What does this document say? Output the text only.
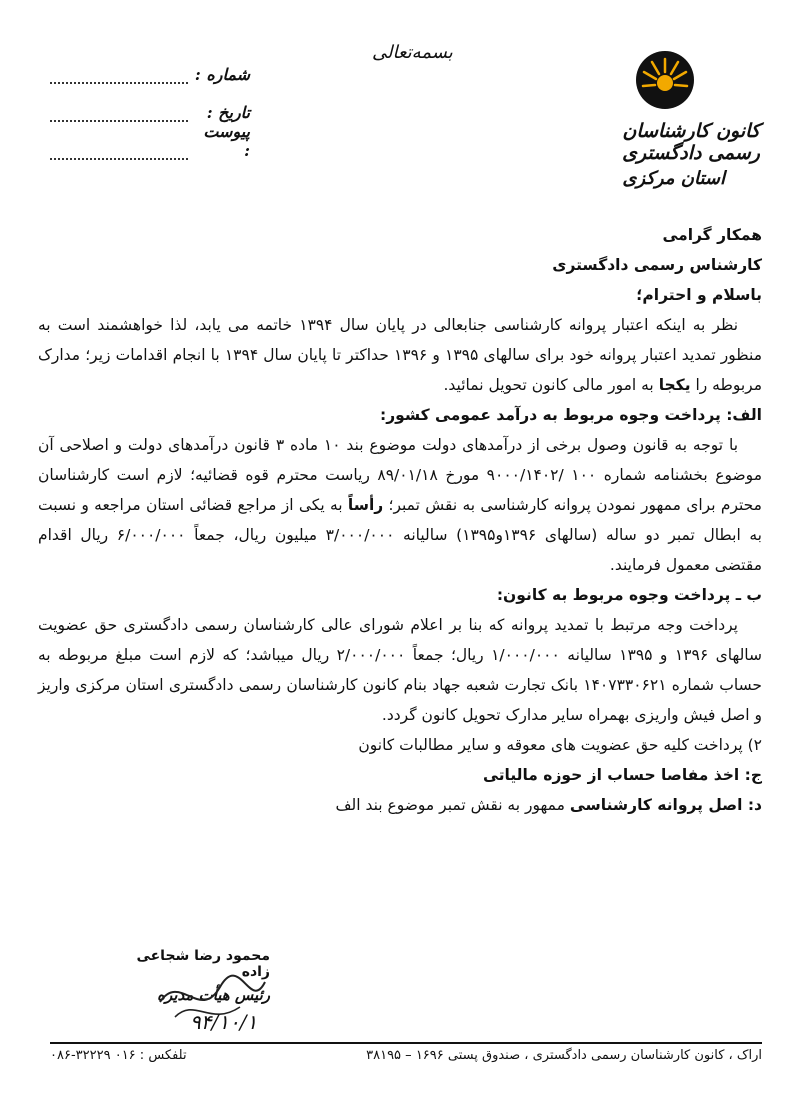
کانون کارشناسان رسمی دادگستری
استان مرکزی
بسمه‌تعالی
شماره :
تاریخ :
پیوست :

همکار گرامی

کارشناس رسمی دادگستری

باسلام و احترام؛

نظر به اینکه اعتبار پروانه کارشناسی جنابعالی در پایان سال ۱۳۹۴ خاتمه می یابد، لذا خواهشمند است به منظور تمدید اعتبار پروانه خود برای سالهای ۱۳۹۵ و ۱۳۹۶ حداکتر تا پایان سال ۱۳۹۴ با انجام اقدامات زیر؛ مدارک مربوطه را یکجا به امور مالی کانون تحویل نمائید.

الف: پرداخت وجوه مربوط به درآمد عمومی کشور:

با توجه به قانون وصول برخی از درآمدهای دولت موضوع بند ۱۰ ماده ۳ قانون درآمدهای دولت و اصلاحی آن موضوع بخشنامه شماره ۱۰۰ /۹۰۰۰/۱۴۰۲ مورخ ۸۹/۰۱/۱۸ ریاست محترم قوه قضائیه؛ لازم است کارشناسان محترم برای ممهور نمودن پروانه کارشناسی به نقش تمبر؛ رأساً به یکی از مراجع قضائی استان مراجعه و نسبت به ابطال تمبر دو ساله (سالهای ۱۳۹۶و۱۳۹۵) سالیانه ۳/۰۰۰/۰۰۰ میلیون ریال، جمعاً ۶/۰۰۰/۰۰۰ ریال اقدام مقتضی معمول فرمایند.

ب ـ پرداخت وجوه مربوط به کانون:

پرداخت وجه مرتبط با تمدید پروانه که بنا بر اعلام شورای عالی کارشناسان رسمی دادگستری حق عضویت سالهای ۱۳۹۶ و ۱۳۹۵ سالیانه ۱/۰۰۰/۰۰۰ ریال؛ جمعاً ۲/۰۰۰/۰۰۰ ریال میباشد؛ که لازم است مبلغ مربوطه به حساب شماره ۱۴۰۷۳۳۰۶۲۱ بانک تجارت شعبه جهاد بنام کانون کارشناسان رسمی دادگستری استان مرکزی واریز و اصل فیش واریزی بهمراه سایر مدارک تحویل کانون گردد.

۲) پرداخت کلیه حق عضویت های معوقه و سایر مطالبات کانون

ج: اخذ مفاصا حساب از حوزه مالیاتی

د: اصل پروانه کارشناسی ممهور به نقش تمبر موضوع بند الف

محمود رضا شجاعی زاده
رئیس هیأت مدیره
۹۴/۱۰/۱
اراک ، کانون کارشناسان رسمی دادگستری ، صندوق پستی ۱۶۹۶ – ۳۸۱۹۵
تلفکس : ۰۱۶ ۳۲۲۲۹-۰۸۶
